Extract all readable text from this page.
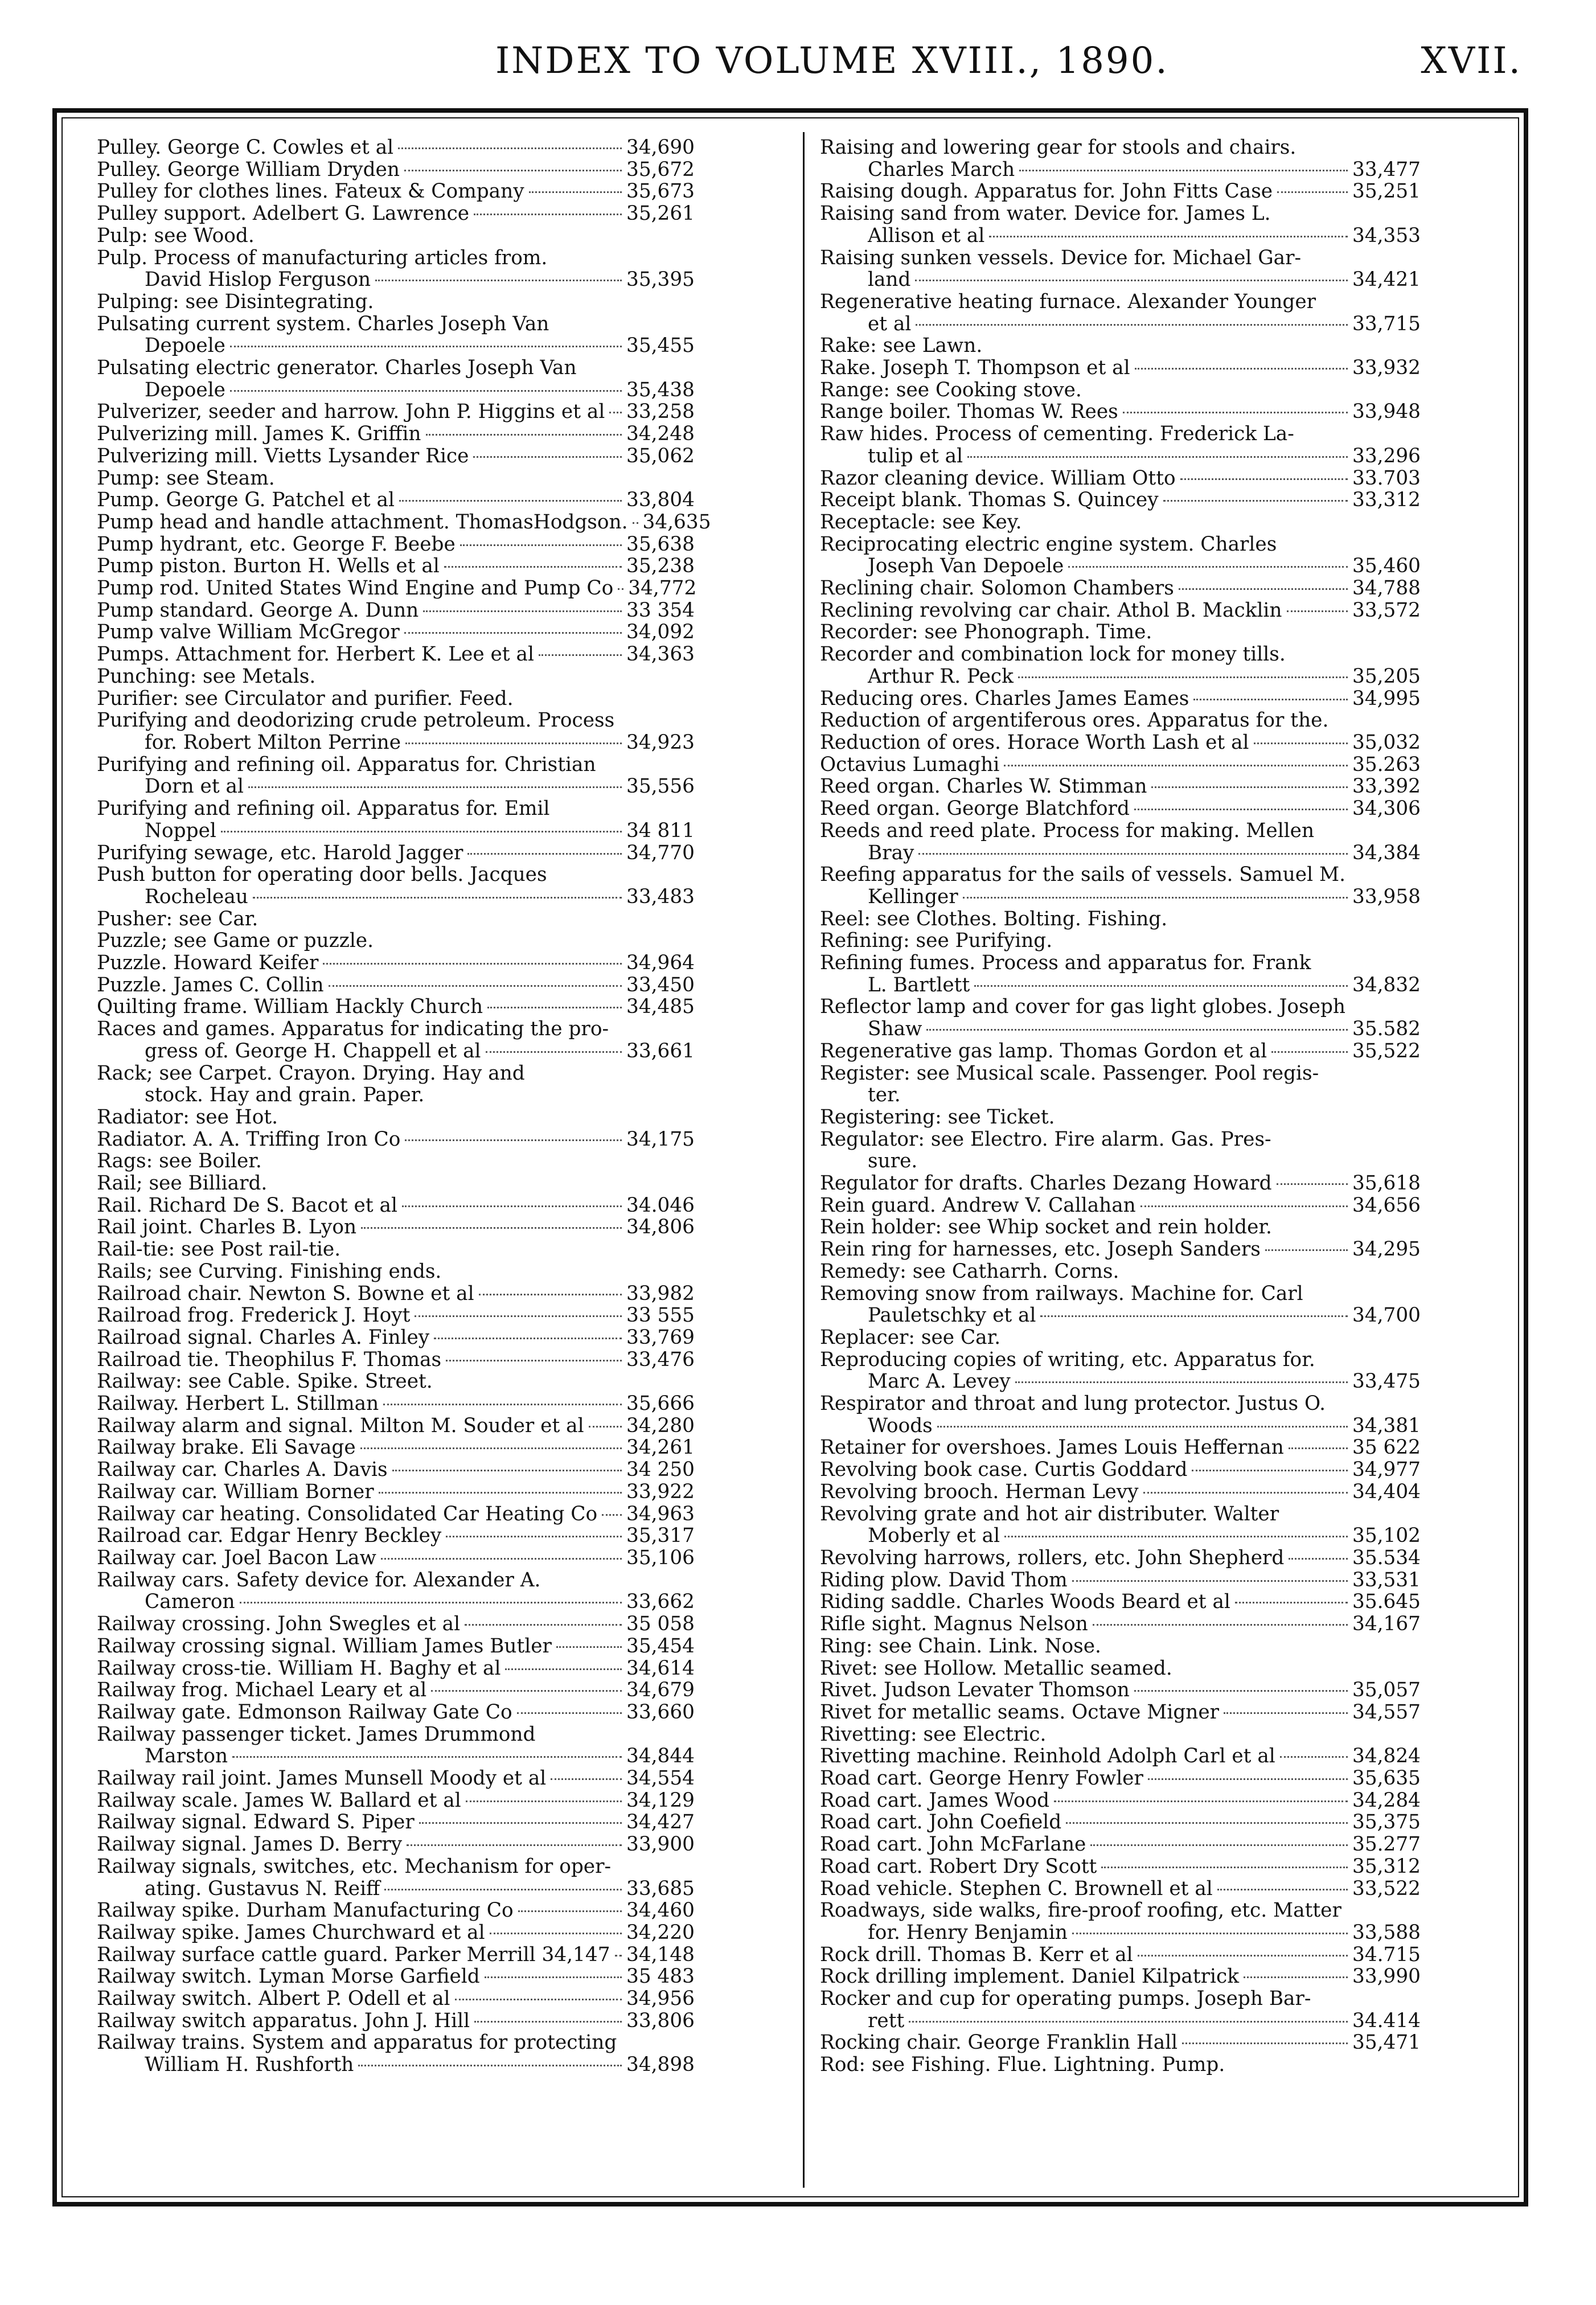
INDEX TO VOLUME XVIII., 1890.	XVII.
Pulley. George C. Cowles et al	34,690
Pulley. George William Dryden	35,672
Pulley for clothes lines. Fateux & Company	35,673
Pulley support. Adelbert G. Lawrence	35,261
Pulp: see Wood.
Pulp. Process of manufacturing articles from.
David Hislop Ferguson	35,395
Pulping: see Disintegrating.
Pulsating current system. Charles Joseph Van
Depoele	35,455
Pulsating electric generator. Charles Joseph Van
Depoele	35,438
Pulverizer, seeder and harrow. John P. Higgins et al 33,258
Pulverizing mill. James K. Griffin	34,248
Pulverizing mill. Vietts Lysander Rice	35,062
Pump: see Steam.
Pump. George G. Patchel et al	33,804
Pump head and handle attachment. ThomasHodgson. 34,635
Pump hydrant, etc. George F. Beebe	35,638
Pump piston. Burton H. Wells et al	35,238
Pump rod. United States Wind Engine and Pump Co 34,772
Pump standard. George A. Dunn	33 354
Pump valve William McGregor	34,092
Pumps. Attachment for. Herbert K. Lee et al	34,363
Punching: see Metals.
Purifier: see Circulator and purifier. Feed.
Purifying and deodorizing crude petroleum. Process
for. Robert Milton Perrine	34,923
Purifying and refining oil. Apparatus for. Christian
Dorn et al	35,556
Purifying and refining oil. Apparatus for. Emil
Noppel	34 811
Purifying sewage, etc. Harold Jagger	34,770
Push button for operating door bells. Jacques
Rocheleau	33,483
Pusher: see Car.
Puzzle; see Game or puzzle.
Puzzle. Howard Keifer	34,964
Puzzle. James C. Collin	33,450
Quilting frame. William Hackly Church	34,485
Races and games. Apparatus for indicating the pro-
gress of. George H. Chappell et al	33,661
Rack; see Carpet. Crayon. Drying. Hay and
stock. Hay and grain. Paper.
Radiator: see Hot.
Radiator. A. A. Triffing Iron Co	34,175
Rags: see Boiler.
Rail; see Billiard.
Rail. Richard De S. Bacot et al	34.046
Rail joint. Charles B. Lyon	34,806
Rail-tie: see Post rail-tie.
Rails; see Curving. Finishing ends.
Railroad chair. Newton S. Bowne et al	33,982
Railroad frog. Frederick J. Hoyt	33 555
Railroad signal. Charles A. Finley	33,769
Railroad tie. Theophilus F. Thomas	33,476
Railway: see Cable. Spike. Street.
Railway. Herbert L. Stillman	35,666
Railway alarm and signal. Milton M. Souder et al 34,280
Railway brake. Eli Savage	34,261
Railway car. Charles A. Davis	34 250
Railway car. William Borner	33,922
Railway car heating. Consolidated Car Heating Co 34,963
Railroad car. Edgar Henry Beckley	35,317
Railway car. Joel Bacon Law	35,106
Railway cars. Safety device for. Alexander A.
Cameron	33,662
Railway crossing. John Swegles et al	35 058
Railway crossing signal. William James Butler	35,454
Railway cross-tie. William H. Baghy et al	34,614
Railway frog. Michael Leary et al	34,679
Railway gate. Edmonson Railway Gate Co	33,660
Railway passenger ticket. James Drummond
Marston	34,844
Railway rail joint. James Munsell Moody et al	34,554
Railway scale. James W. Ballard et al	34,129
Railway signal. Edward S. Piper	34,427
Railway signal. James D. Berry	33,900
Railway signals, switches, etc. Mechanism for oper-
ating. Gustavus N. Reiff	33,685
Railway spike. Durham Manufacturing Co	34,460
Railway spike. James Churchward et al	34,220
Railway surface cattle guard. Parker Merrill 34,147 34,148
Railway switch. Lyman Morse Garfield	35 483
Railway switch. Albert P. Odell et al	34,956
Railway switch apparatus. John J. Hill	33,806
Railway trains. System and apparatus for protecting
William H. Rushforth	34,898
Raising and lowering gear for stools and chairs.
Charles March	33,477
Raising dough. Apparatus for. John Fitts Case	35,251
Raising sand from water. Device for. James L.
Allison et al	34,353
Raising sunken vessels. Device for. Michael Gar-
land	34,421
Regenerative heating furnace. Alexander Younger
et al	33,715
Rake: see Lawn.
Rake. Joseph T. Thompson et al	33,932
Range: see Cooking stove.
Range boiler. Thomas W. Rees	33,948
Raw hides. Process of cementing. Frederick La-
tulip et al	33,296
Razor cleaning device. William Otto	33.703
Receipt blank. Thomas S. Quincey	33,312
Receptacle: see Key.
Reciprocating electric engine system. Charles
Joseph Van Depoele	35,460
Reclining chair. Solomon Chambers	34,788
Reclining revolving car chair. Athol B. Macklin	33,572
Recorder: see Phonograph. Time.
Recorder and combination lock for money tills.
Arthur R. Peck	35,205
Reducing ores. Charles James Eames	34,995
Reduction of argentiferous ores. Apparatus for the.
Reduction of ores. Horace Worth Lash et al	35,032
Octavius Lumaghi	35.263
Reed organ. Charles W. Stimman	33,392
Reed organ. George Blatchford	34,306
Reeds and reed plate. Process for making. Mellen
Bray	34,384
Reefing apparatus for the sails of vessels. Samuel M.
Kellinger	33,958
Reel: see Clothes. Bolting. Fishing.
Refining: see Purifying.
Refining fumes. Process and apparatus for. Frank
L. Bartlett	34,832
Reflector lamp and cover for gas light globes. Joseph
Shaw	35.582
Regenerative gas lamp. Thomas Gordon et al	35,522
Register: see Musical scale. Passenger. Pool regis-
ter.
Registering: see Ticket.
Regulator: see Electro. Fire alarm. Gas. Pres-
sure.
Regulator for drafts. Charles Dezang Howard	35,618
Rein guard. Andrew V. Callahan	34,656
Rein holder: see Whip socket and rein holder.
Rein ring for harnesses, etc. Joseph Sanders	34,295
Remedy: see Catharrh. Corns.
Removing snow from railways. Machine for. Carl
Pauletschky et al	34,700
Replacer: see Car.
Reproducing copies of writing, etc. Apparatus for.
Marc A. Levey	33,475
Respirator and throat and lung protector. Justus O.
Woods	34,381
Retainer for overshoes. James Louis Heffernan	35 622
Revolving book case. Curtis Goddard	34,977
Revolving brooch. Herman Levy	34,404
Revolving grate and hot air distributer. Walter
Moberly et al	35,102
Revolving harrows, rollers, etc. John Shepherd	35.534
Riding plow. David Thom	33,531
Riding saddle. Charles Woods Beard et al	35.645
Rifle sight. Magnus Nelson	34,167
Ring: see Chain. Link. Nose.
Rivet: see Hollow. Metallic seamed.
Rivet. Judson Levater Thomson	35,057
Rivet for metallic seams. Octave Migner	34,557
Rivetting: see Electric.
Rivetting machine. Reinhold Adolph Carl et al	34,824
Road cart. George Henry Fowler	35,635
Road cart. James Wood	34,284
Road cart. John Coefield	35,375
Road cart. John McFarlane	35.277
Road cart. Robert Dry Scott	35,312
Road vehicle. Stephen C. Brownell et al	33,522
Roadways, side walks, fire-proof roofing, etc. Matter
for. Henry Benjamin	33,588
Rock drill. Thomas B. Kerr et al	34.715
Rock drilling implement. Daniel Kilpatrick	33,990
Rocker and cup for operating pumps. Joseph Bar-
rett	34.414
Rocking chair. George Franklin Hall	35,471
Rod: see Fishing. Flue. Lightning. Pump.
